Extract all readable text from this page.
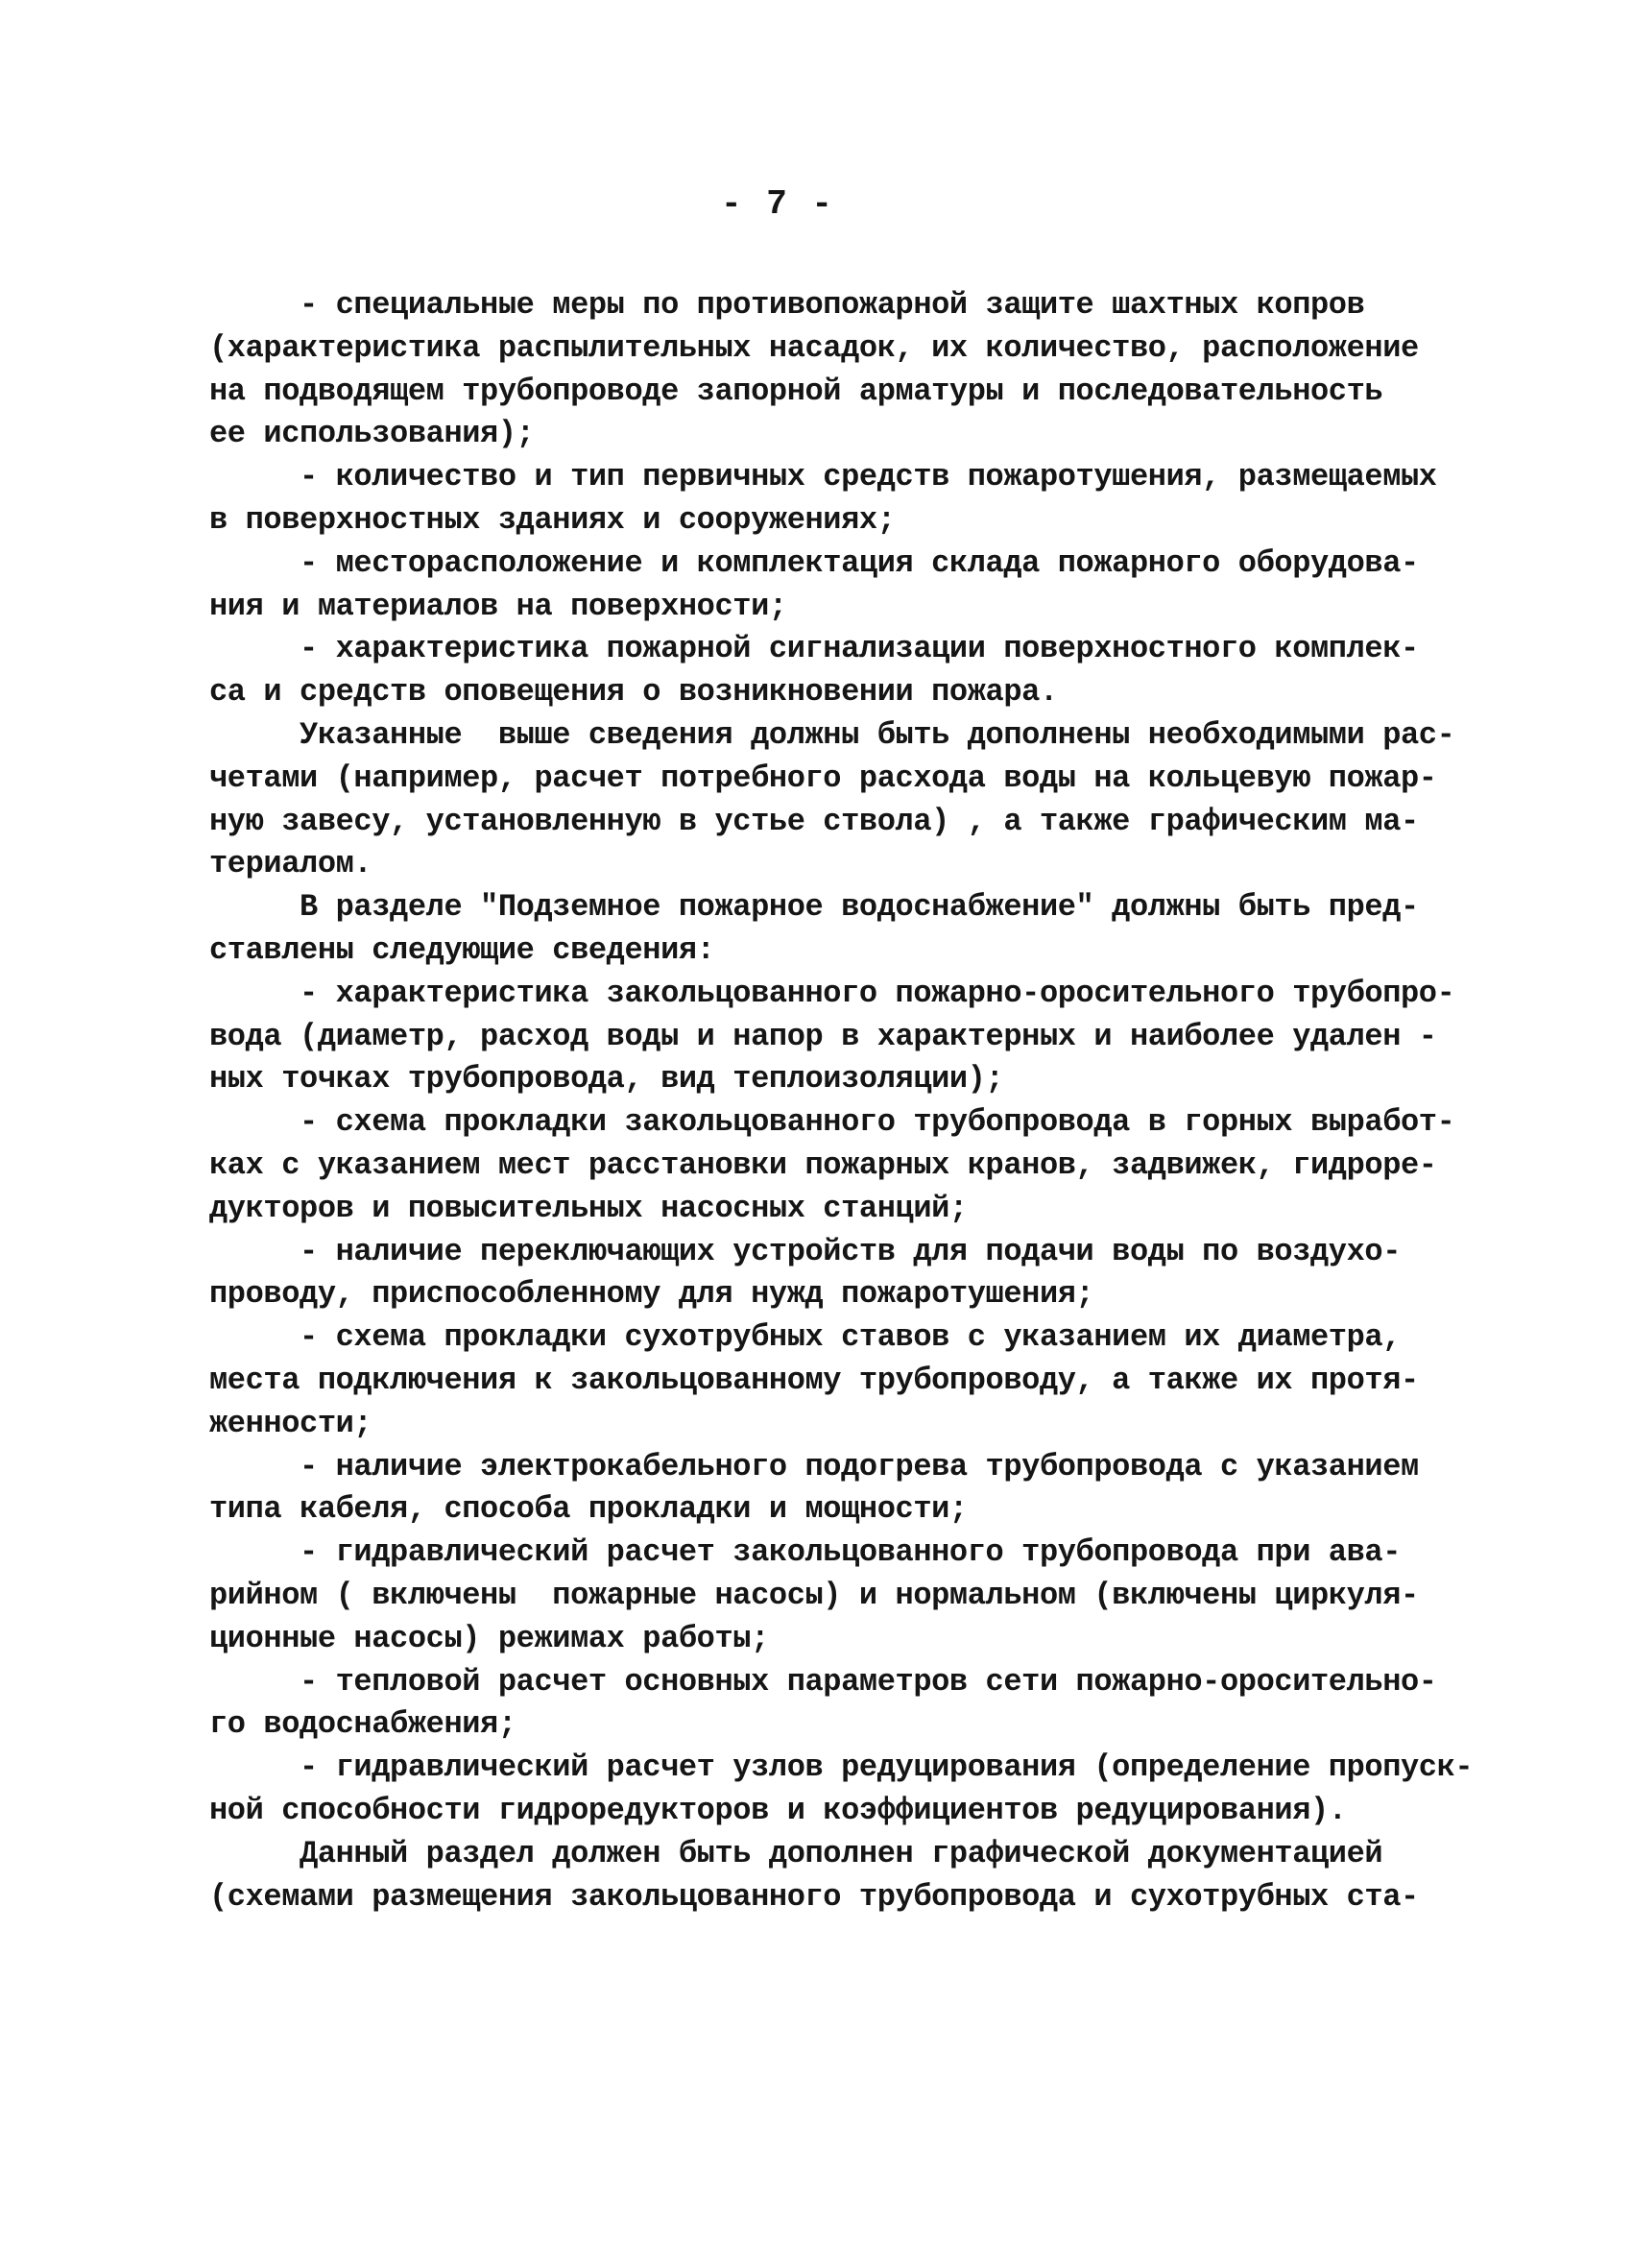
- 7 -
- специальные меры по противопожарной защите шахтных копров
(характеристика распылительных насадок, их количество, расположение
на подводящем трубопроводе запорной арматуры и последовательность
ее использования);
- количество и тип первичных средств пожаротушения, размещаемых
в поверхностных зданиях и сооружениях;
- месторасположение и комплектация склада пожарного оборудова-
ния и материалов на поверхности;
- характеристика пожарной сигнализации поверхностного комплек-
са и средств оповещения о возникновении пожара.
Указанные  выше сведения должны быть дополнены необходимыми рас-
четами (например, расчет потребного расхода воды на кольцевую пожар-
ную завесу, установленную в устье ствола) , а также графическим ма-
териалом.
В разделе "Подземное пожарное водоснабжение" должны быть пред-
ставлены следующие сведения:
- характеристика закольцованного пожарно-оросительного трубопро-
вода (диаметр, расход воды и напор в характерных и наиболее удален -
ных точках трубопровода, вид теплоизоляции);
- схема прокладки закольцованного трубопровода в горных выработ-
ках с указанием мест расстановки пожарных кранов, задвижек, гидроре-
дукторов и повысительных насосных станций;
- наличие переключающих устройств для подачи воды по воздухо-
проводу, приспособленному для нужд пожаротушения;
- схема прокладки сухотрубных ставов с указанием их диаметра,
места подключения к закольцованному трубопроводу, а также их протя-
женности;
- наличие электрокабельного подогрева трубопровода с указанием
типа кабеля, способа прокладки и мощности;
- гидравлический расчет закольцованного трубопровода при ава-
рийном ( включены  пожарные насосы) и нормальном (включены циркуля-
ционные насосы) режимах работы;
- тепловой расчет основных параметров сети пожарно-оросительно-
го водоснабжения;
- гидравлический расчет узлов редуцирования (определение пропуск-
ной способности гидроредукторов и коэффициентов редуцирования).
Данный раздел должен быть дополнен графической документацией
(схемами размещения закольцованного трубопровода и сухотрубных ста-
